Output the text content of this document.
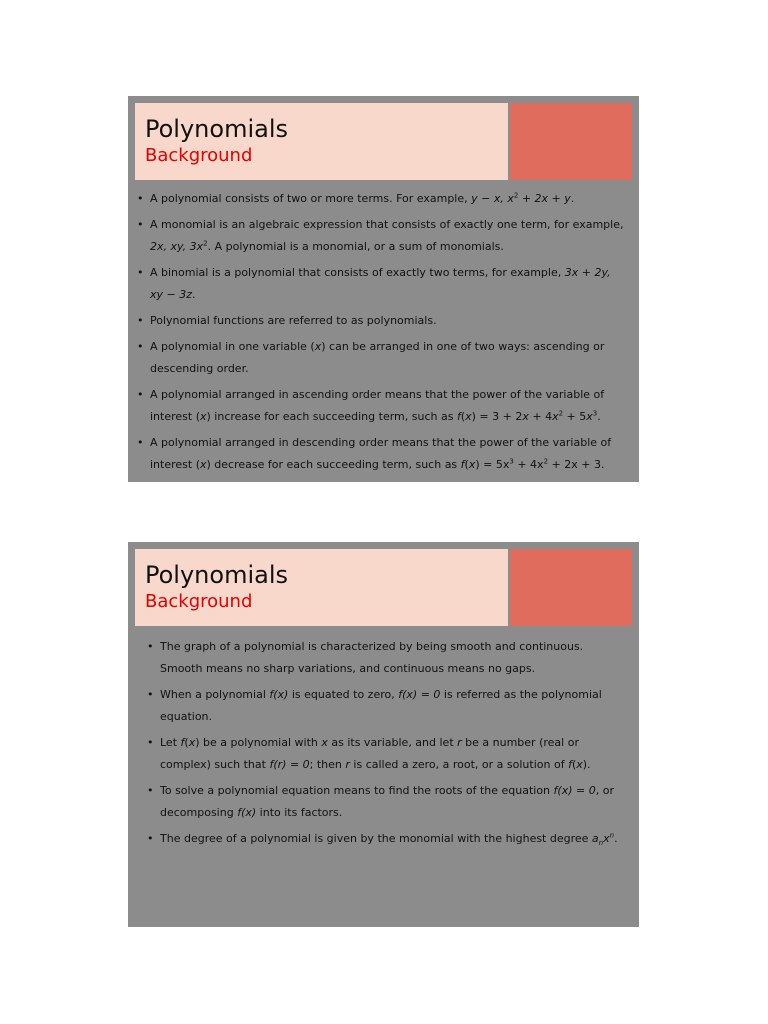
Polynomials
Background
• A polynomial consists of two or more terms. For example, y − x, $x^2 + 2x + y$.
• A monomial is an algebraic expression that consists of exactly one term, for example, 2x, xy, $3x^2$. A polynomial is a monomial, or a sum of monomials.
• A binomial is a polynomial that consists of exactly two terms, for example, 3x + 2y, xy − 3z.
• Polynomial functions are referred to as polynomials.
• A polynomial in one variable (x) can be arranged in one of two ways: ascending or descending order.
• A polynomial arranged in ascending order means that the power of the variable of interest (x) increase for each succeeding term, such as $f(x) = 3 + 2x + 4x^2 + 5x^3$.
• A polynomial arranged in descending order means that the power of the variable of interest (x) decrease for each succeeding term, such as $f(x) = 5x^3 + 4x^2 + 2x + 3$.
Polynomials
Background
• The graph of a polynomial is characterized by being smooth and continuous. Smooth means no sharp variations, and continuous means no gaps.
• When a polynomial f(x) is equated to zero, f(x) = 0 is referred as the polynomial equation.
• Let f(x) be a polynomial with x as its variable, and let r be a number (real or complex) such that f(r) = 0; then r is called a zero, a root, or a solution of f(x).
• To solve a polynomial equation means to find the roots of the equation f(x) = 0, or decomposing f(x) into its factors.
• The degree of a polynomial is given by the monomial with the highest degree $a_nx^n$.
